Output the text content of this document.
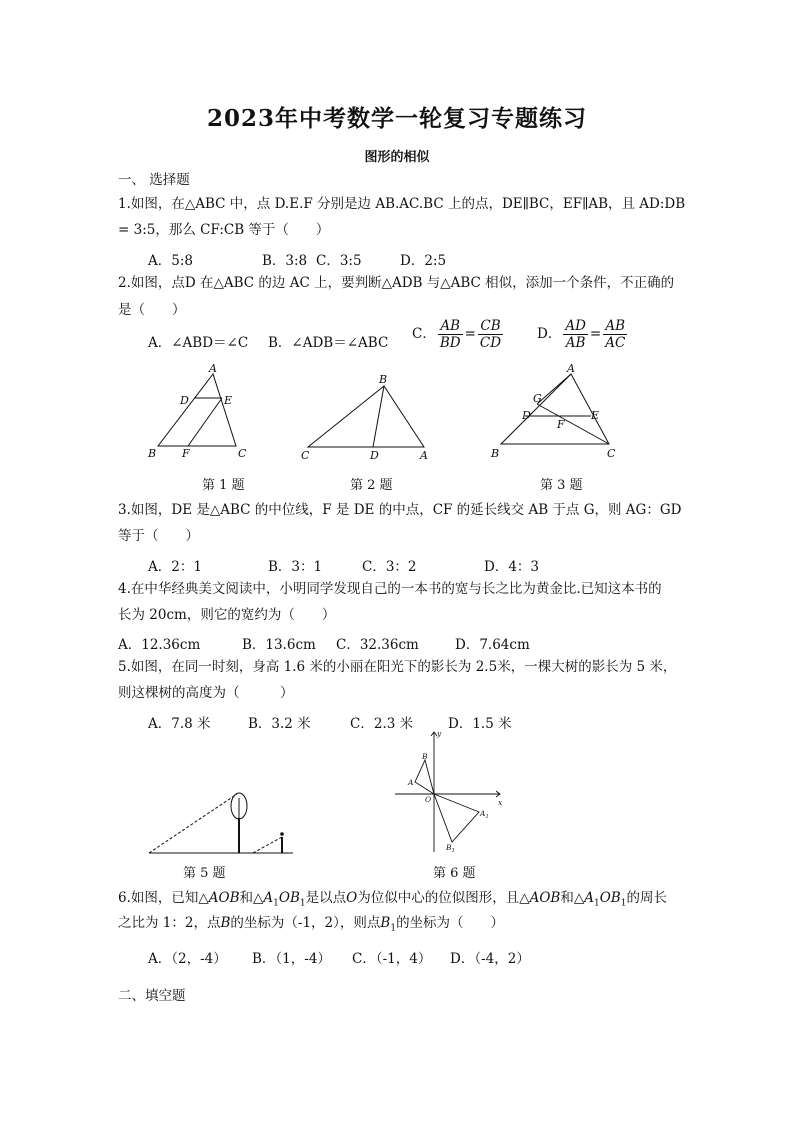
2023年中考数学一轮复习专题练习
图形的相似
一、 选择题
1.如图，在△ABC 中，点 D.E.F 分别是边 AB.AC.BC 上的点，DE∥BC，EF∥AB，且 AD:DB
= 3:5，那么 CF:CB 等于（　　）
A．5:8	B．3:8 C．3:5	D．2:5
2.如图，点D 在△ABC 的边 AC 上，要判断△ADB 与△ABC 相似，添加一个条件，不正确的
是（　　）
A．∠ABD＝∠C B．∠ADB＝∠ABC
C． $\frac{AB}{BD} = \frac{CB}{CD}$	D． $\frac{AD}{AB} = \frac{AB}{AC}$
A
D	E
B F	C
第 1 题
B
C	D	A
第 2 题
A
G
D	E
F
B	C
第 3 题
3.如图，DE 是△ABC 的中位线，F 是 DE 的中点，CF 的延长线交 AB 于点 G，则 AG：GD
等于（　　）
A．2：1	B．3：1	C．3：2	D．4：3
4.在中华经典美文阅读中，小明同学发现自己的一本书的宽与长之比为黄金比.已知这本书的
长为 20cm，则它的宽约为（　　）
A．12.36cm	B．13.6cm C．32.36cm	D．7.64cm
5.如图，在同一时刻，身高 1.6 米的小丽在阳光下的影长为 2.5米，一棵大树的影长为 5 米，
则这棵树的高度为（　　　）
A．7.8 米	B．3.2 米	C．2.3 米	D．1.5 米
第 5 题
y
x
O
B
A
$A_1$
$B_1$
第 6 题
6.如图，已知△AOB和$\triangle A_1OB_1$是以点O为位似中心的位似图形，且△AOB和$\triangle A_1OB_1$的周长
之比为 1：2，点B的坐标为（-1，2），则点$B_1$的坐标为（　　）
A．（2，-4） B．（1，-4） C．（-1，4） D．（-4，2）
二、填空题
